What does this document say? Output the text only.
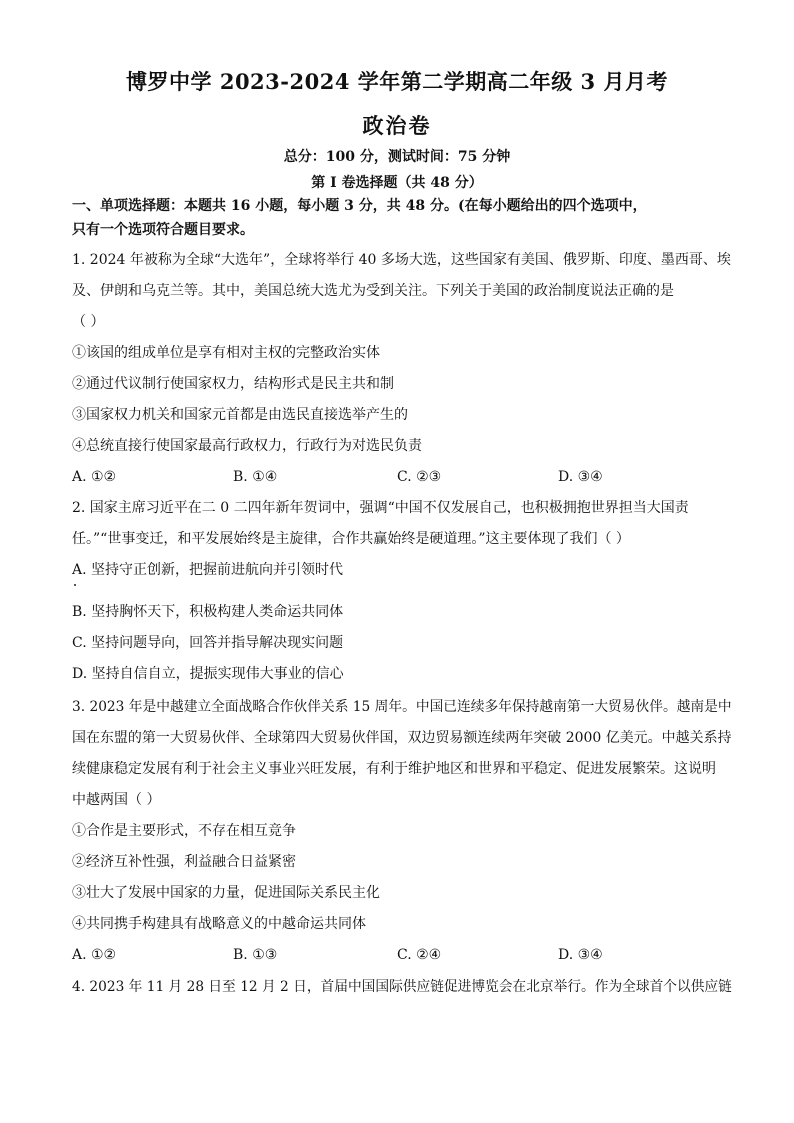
博罗中学 2023-2024 学年第二学期高二年级 3 月月考
政治卷
总分：100 分，测试时间：75 分钟
第 I 卷选择题（共 48 分）
一、单项选择题：本题共 16 小题，每小题 3 分，共 48 分。(在每小题给出的四个选项中，
只有一个选项符合题目要求。
1. 2024 年被称为全球“大选年”，全球将举行 40 多场大选，这些国家有美国、俄罗斯、印度、墨西哥、埃
及、伊朗和乌克兰等。其中，美国总统大选尤为受到关注。下列关于美国的政治制度说法正确的是
（ ）
①该国的组成单位是享有相对主权的完整政治实体
②通过代议制行使国家权力，结构形式是民主共和制
③国家权力机关和国家元首都是由选民直接选举产生的
④总统直接行使国家最高行政权力，行政行为对选民负责
A. ①②	B. ①④	C. ②③	D. ③④
2. 国家主席习近平在二 0 二四年新年贺词中，强调“中国不仅发展自己，也积极拥抱世界担当大国责
任。”“世事变迁，和平发展始终是主旋律，合作共赢始终是硬道理。”这主要体现了我们（ ）
A. 坚持守正创新，把握前进航向并引领时代
B. 坚持胸怀天下，积极构建人类命运共同体
C. 坚持问题导向，回答并指导解决现实问题
D. 坚持自信自立，提振实现伟大事业的信心
3. 2023 年是中越建立全面战略合作伙伴关系 15 周年。中国已连续多年保持越南第一大贸易伙伴。越南是中
国在东盟的第一大贸易伙伴、全球第四大贸易伙伴国，双边贸易额连续两年突破 2000 亿美元。中越关系持
续健康稳定发展有利于社会主义事业兴旺发展，有利于维护地区和世界和平稳定、促进发展繁荣。这说明
中越两国（ ）
①合作是主要形式，不存在相互竞争
②经济互补性强，利益融合日益紧密
③壮大了发展中国家的力量，促进国际关系民主化
④共同携手构建具有战略意义的中越命运共同体
A. ①②	B. ①③	C. ②④	D. ③④
4. 2023 年 11 月 28 日至 12 月 2 日，首届中国国际供应链促进博览会在北京举行。作为全球首个以供应链
